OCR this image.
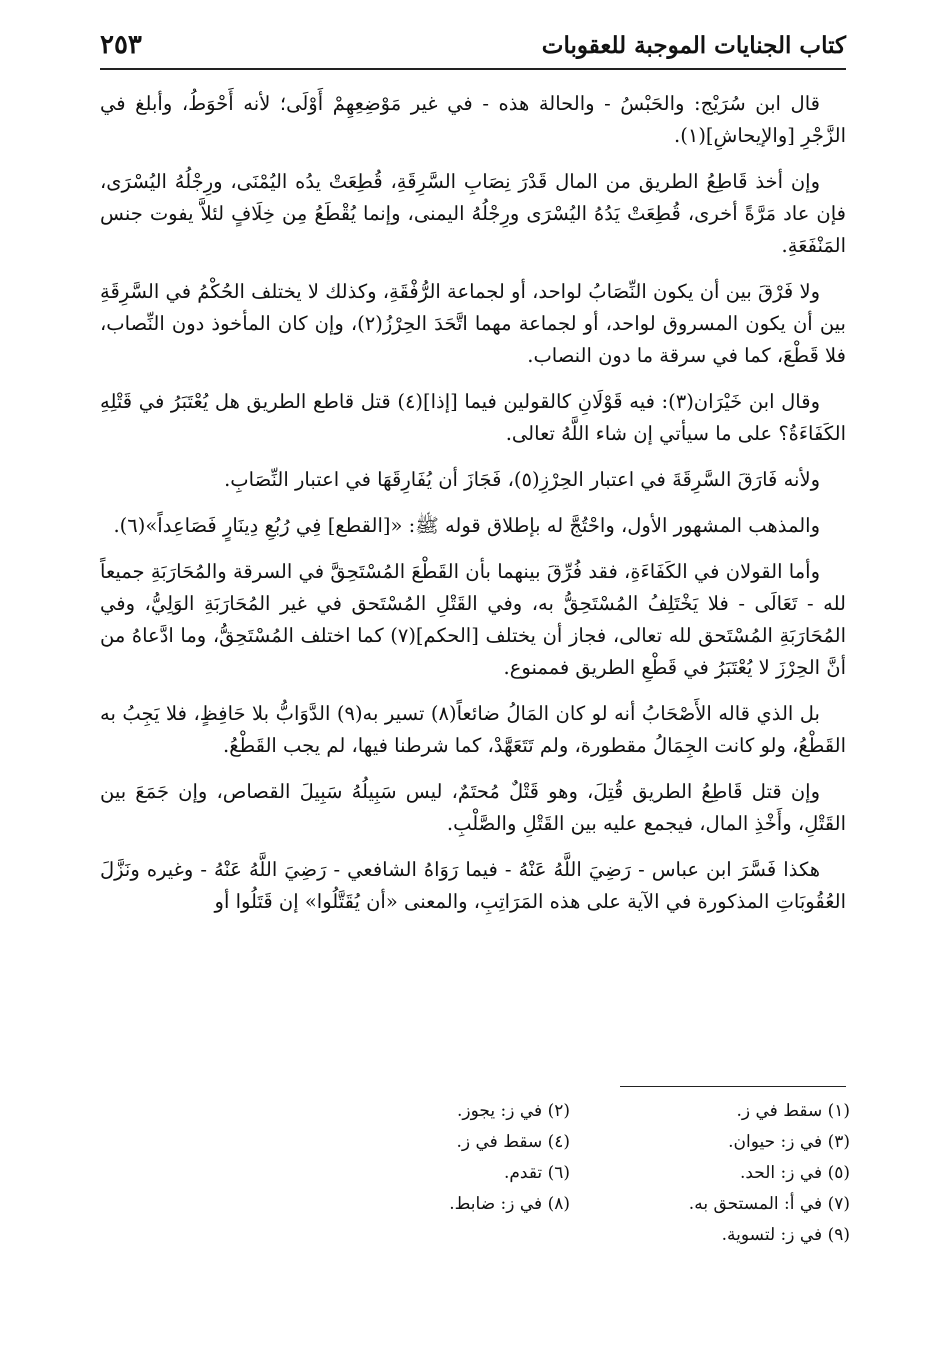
٢٥٣	كتاب الجنايات الموجبة للعقوبات

قال ابن سُرَيْج: والحَبْسُ - والحالة هذه - في غير مَوْضِعِهِمْ أَوْلَى؛ لأنه أَحْوَطُ، وأبلغ في الزَّجْرِ [والإيحاشِ](١).

وإن أخذ قَاطِعُ الطريق من المال قَدْرَ نِصَابِ السَّرِقَةِ، قُطِعَتْ يدُه اليُمْنَى، ورِجْلُهُ اليُسْرَى، فإن عاد مَرَّةً أخرى، قُطِعَتْ يَدُهُ اليُسْرَى ورِجْلُهُ اليمنى، وإنما يُقْطَعُ مِن خِلَافٍ لئلاَّ يفوت جنس المَنْفَعَةِ.

ولا فَرْقَ بين أن يكون النِّصَابُ لواحد، أو لجماعة الرُّفْقَةِ، وكذلك لا يختلف الحُكْمُ في السَّرِقَةِ بين أن يكون المسروق لواحد، أو لجماعة مهما اتَّحَدَ الحِرْزُ(٢)، وإن كان المأخوذ دون النِّصاب، فلا قَطْعَ، كما في سرقة ما دون النصاب.

وقال ابن خَيْرَان(٣): فيه قَوْلَانِ كالقولين فيما [إذا](٤) قتل قاطع الطريق هل يُعْتَبَرُ في قَتْلِهِ الكَفَاءَةُ؟ على ما سيأتي إن شاء اللَّهُ تعالى.

ولأنه فَارَقَ السَّرِقَةَ في اعتبار الحِرْزِ(٥)، فَجَازَ أن يُفَارِقَهَا في اعتبار النِّصَابِ.

والمذهب المشهور الأول، واحْتُجَّ له بإطلاق قوله ﷺ: «[القطع] فِي رُبُعِ دِينَارٍ فَصَاعِداً»(٦).

وأما القولان في الكَفَاءَةِ، فقد فُرِّقَ بينهما بأن القَطْعَ المُسْتَحِقَّ في السرقة والمُحَارَبَةِ جميعاً لله - تَعَالَى - فلا يَخْتَلِفُ المُسْتَحِقُّ به، وفي القَتْلِ المُسْتَحق في غير المُحَارَبَةِ الوَلِيُّ، وفي المُحَارَبَةِ المُسْتَحق لله تعالى، فجاز أن يختلف [الحكم](٧) كما اختلف المُسْتَحِقُّ، وما ادَّعاهُ من أنَّ الحِرْزَ لا يُعْتَبَرُ في قَطْعِ الطريق فممنوع.

بل الذي قاله الأَصْحَابُ أنه لو كان المَالُ ضائعاً(٨) تسير به(٩) الدَّوَابُّ بلا حَافِظٍ، فلا يَجِبُ به القَطْعُ، ولو كانت الجِمَالُ مقطورة، ولم تَتَعَهَّدْ، كما شرطنا فيها، لم يجب القَطْعُ.

وإن قتل قَاطِعُ الطريق قُتِلَ، وهو قَتْلٌ مُحتَمٌ، ليس سَبِيلُهُ سَبِيلَ القصاص، وإن جَمَعَ بين القَتْلِ، وأَخْذِ المال، فيجمع عليه بين القَتْلِ والصَّلْبِ.

هكذا فَسَّرَ ابن عباس - رَضِيَ اللَّهُ عَنْهُ - فيما رَوَاهُ الشافعي - رَضِيَ اللَّهُ عَنْهُ - وغيره ونَزَّلَ العُقُوبَاتِ المذكورة في الآية على هذه المَرَاتِبِ، والمعنى «أن يُقَتَّلُوا» إن قَتَلُوا أو

(١) سقط في ز.
(٢) في ز: يجوز.
(٣) في ز: حيوان.
(٤) سقط في ز.
(٥) في ز: الحد.
(٦) تقدم.
(٧) في أ: المستحق به.
(٨) في ز: ضابط.
(٩) في ز: لتسوية.
